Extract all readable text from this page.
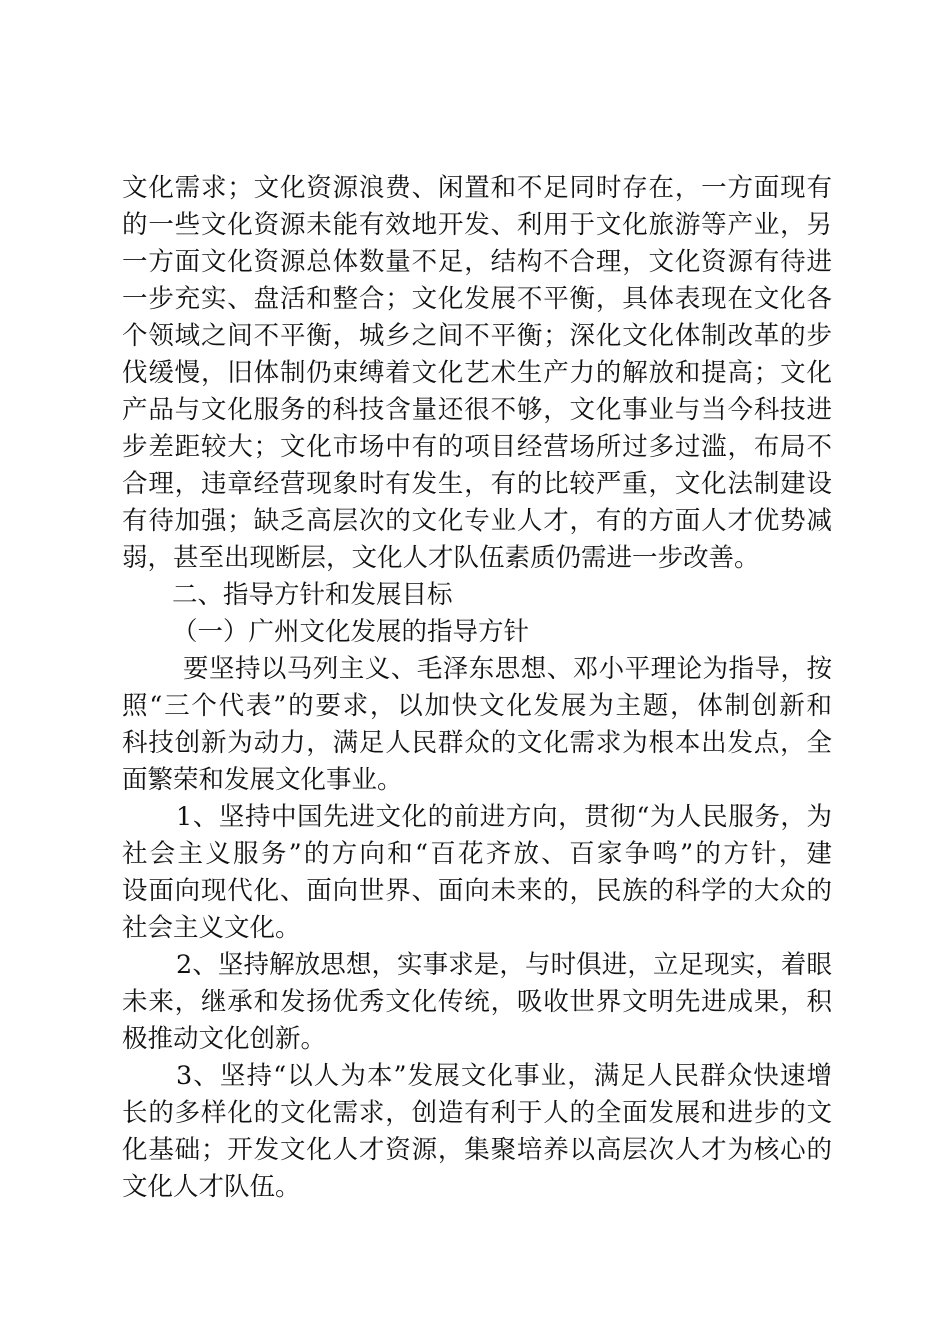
文化需求；文化资源浪费、闲置和不足同时存在，一方面现有
的一些文化资源未能有效地开发、利用于文化旅游等产业，另
一方面文化资源总体数量不足，结构不合理，文化资源有待进
一步充实、盘活和整合；文化发展不平衡，具体表现在文化各
个领域之间不平衡，城乡之间不平衡；深化文化体制改革的步
伐缓慢，旧体制仍束缚着文化艺术生产力的解放和提高；文化
产品与文化服务的科技含量还很不够，文化事业与当今科技进
步差距较大；文化市场中有的项目经营场所过多过滥，布局不
合理，违章经营现象时有发生，有的比较严重，文化法制建设
有待加强；缺乏高层次的文化专业人才，有的方面人才优势减
弱，甚至出现断层，文化人才队伍素质仍需进一步改善。
二、指导方针和发展目标
（一）广州文化发展的指导方针
要坚持以马列主义、毛泽东思想、邓小平理论为指导，按
照“三个代表”的要求，以加快文化发展为主题，体制创新和
科技创新为动力，满足人民群众的文化需求为根本出发点，全
面繁荣和发展文化事业。
1、坚持中国先进文化的前进方向，贯彻“为人民服务，为
社会主义服务”的方向和“百花齐放、百家争鸣”的方针，建
设面向现代化、面向世界、面向未来的，民族的科学的大众的
社会主义文化。
2、坚持解放思想，实事求是，与时俱进，立足现实，着眼
未来，继承和发扬优秀文化传统，吸收世界文明先进成果，积
极推动文化创新。
3、坚持“以人为本”发展文化事业，满足人民群众快速增
长的多样化的文化需求，创造有利于人的全面发展和进步的文
化基础；开发文化人才资源，集聚培养以高层次人才为核心的
文化人才队伍。
